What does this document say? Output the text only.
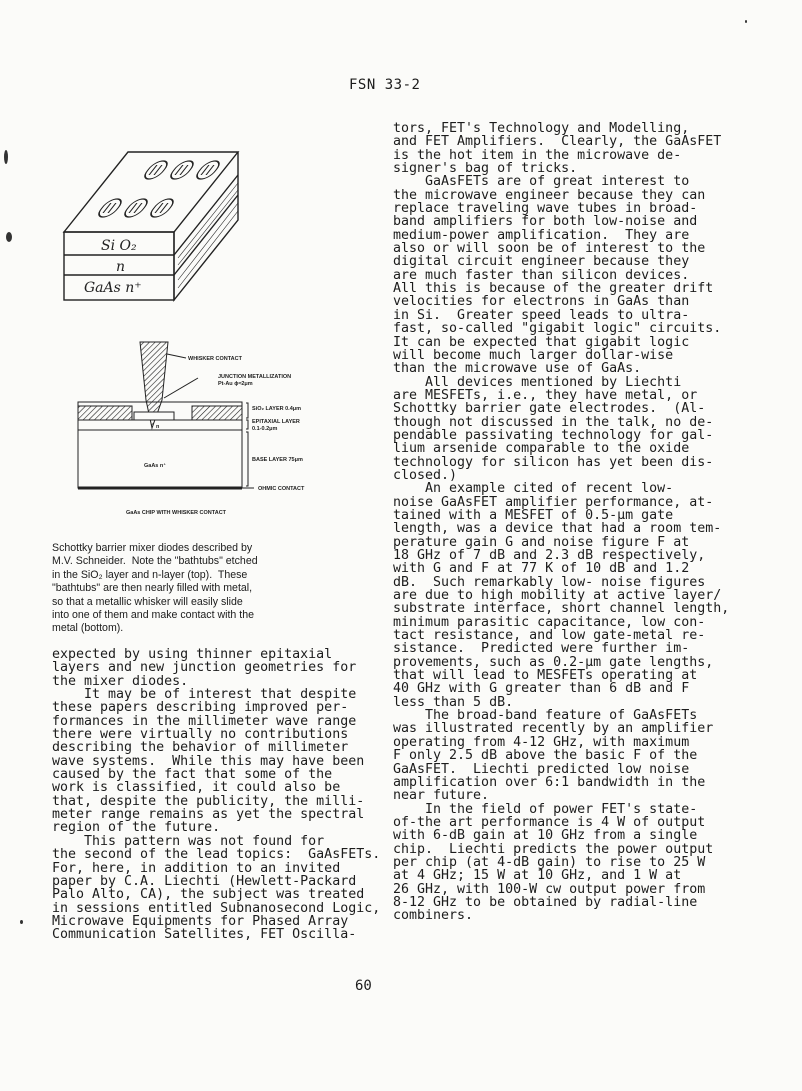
FSN 33-2
Si O₂
n
GaAs n⁺
WHISKER CONTACT
JUNCTION METALLIZATION
Pt-Au ϕ≈2μm
SiO₂ LAYER 0.4μm
EPITAXIAL LAYER
0.1-0.2μm
n
GaAs n⁺
BASE LAYER 75μm
OHMIC CONTACT
GaAs CHIP WITH WHISKER CONTACT
Schottky barrier mixer diodes described by
M.V. Schneider.  Note the "bathtubs" etched
in the SiO₂ layer and n-layer (top).  These
"bathtubs" are then nearly filled with metal,
so that a metallic whisker will easily slide
into one of them and make contact with the
metal (bottom).
expected by using thinner epitaxial
layers and new junction geometries for
the mixer diodes.
It may be of interest that despite
these papers describing improved per-
formances in the millimeter wave range
there were virtually no contributions
describing the behavior of millimeter
wave systems.  While this may have been
caused by the fact that some of the
work is classified, it could also be
that, despite the publicity, the milli-
meter range remains as yet the spectral
region of the future.
This pattern was not found for
the second of the lead topics:  GaAsFETs.
For, here, in addition to an invited
paper by C.A. Liechti (Hewlett-Packard
Palo Alto, CA), the subject was treated
in sessions entitled Subnanosecond Logic,
Microwave Equipments for Phased Array
Communication Satellites, FET Oscilla-
tors, FET's Technology and Modelling,
and FET Amplifiers.  Clearly, the GaAsFET
is the hot item in the microwave de-
signer's bag of tricks.
GaAsFETs are of great interest to
the microwave engineer because they can
replace traveling wave tubes in broad-
band amplifiers for both low-noise and
medium-power amplification.  They are
also or will soon be of interest to the
digital circuit engineer because they
are much faster than silicon devices.
All this is because of the greater drift
velocities for electrons in GaAs than
in Si.  Greater speed leads to ultra-
fast, so-called "gigabit logic" circuits.
It can be expected that gigabit logic
will become much larger dollar-wise
than the microwave use of GaAs.
All devices mentioned by Liechti
are MESFETs, i.e., they have metal, or
Schottky barrier gate electrodes.  (Al-
though not discussed in the talk, no de-
pendable passivating technology for gal-
lium arsenide comparable to the oxide
technology for silicon has yet been dis-
closed.)
An example cited of recent low-
noise GaAsFET amplifier performance, at-
tained with a MESFET of 0.5-μm gate
length, was a device that had a room tem-
perature gain G and noise figure F at
18 GHz of 7 dB and 2.3 dB respectively,
with G and F at 77 K of 10 dB and 1.2
dB.  Such remarkably low- noise figures
are due to high mobility at active layer/
substrate interface, short channel length,
minimum parasitic capacitance, low con-
tact resistance, and low gate-metal re-
sistance.  Predicted were further im-
provements, such as 0.2-μm gate lengths,
that will lead to MESFETs operating at
40 GHz with G greater than 6 dB and F
less than 5 dB.
The broad-band feature of GaAsFETs
was illustrated recently by an amplifier
operating from 4-12 GHz, with maximum
F only 2.5 dB above the basic F of the
GaAsFET.  Liechti predicted low noise
amplification over 6:1 bandwidth in the
near future.
In the field of power FET's state-
of-the art performance is 4 W of output
with 6-dB gain at 10 GHz from a single
chip.  Liechti predicts the power output
per chip (at 4-dB gain) to rise to 25 W
at 4 GHz; 15 W at 10 GHz, and 1 W at
26 GHz, with 100-W cw output power from
8-12 GHz to be obtained by radial-line
combiners.
60
